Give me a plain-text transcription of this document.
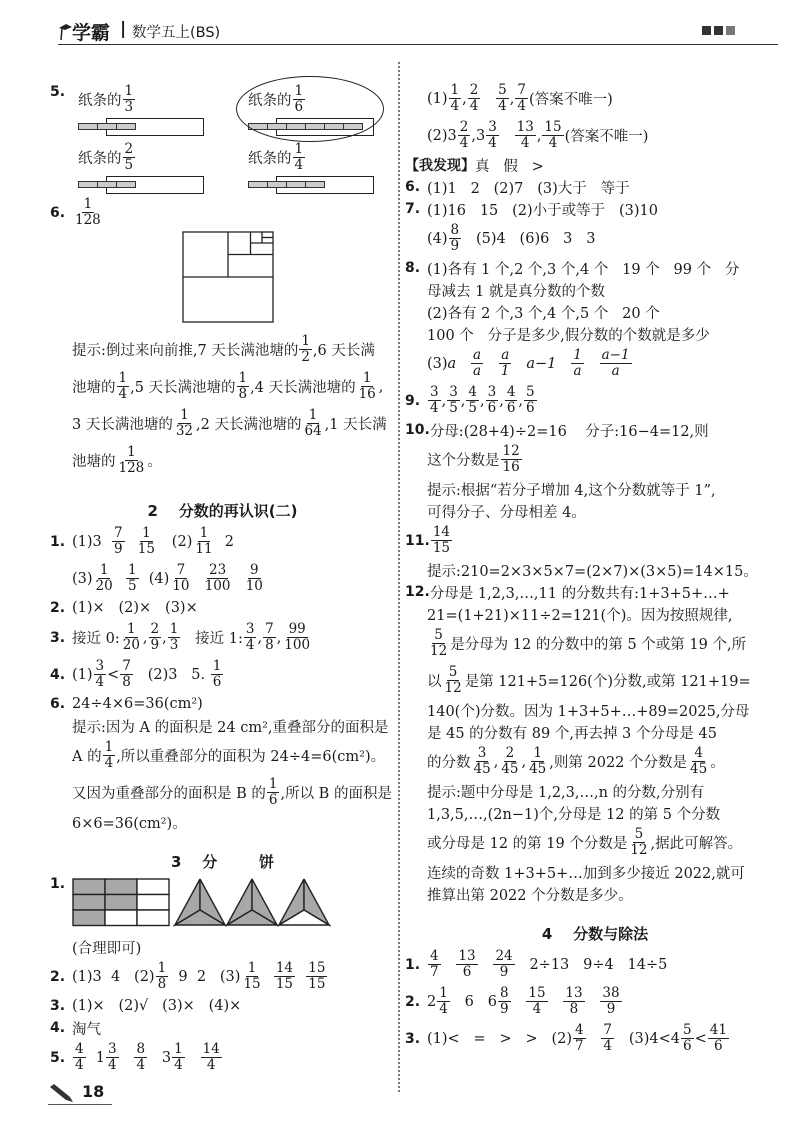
学霸 | 数学五上(BS)
5.
纸条的 $\frac{1}{3}$	纸条的 $\frac{1}{6}$
纸条的 $\frac{2}{5}$	纸条的 $\frac{1}{4}$
6. $\frac{1}{128}$
提示:倒过来向前推,7 天长满池塘的 $\frac{1}{2} ,6$ 天长满
池塘的 $\frac{1}{4} ,5$ 天长满池塘的 $\frac{1}{8} ,4$ 天长满池塘的 $\frac{1}{16}$ ,
3 天长满池塘的 $\frac{1}{32} ,2$ 天长满池塘的 $\frac{1}{64} ,1$ 天长满
池塘的 $\frac{1}{128}$ 。
2    分数的再认识(二)
1. $(1)3 \frac{7}{9}$
$\frac{1}{15} (2) \frac{1}{11} 2$
$(3) \frac{1}{20}$
$\frac{1}{5} (4) \frac{7}{10}$
$\frac{23}{100}$
$\frac{9}{10}$
2. (1)×   (2)×   (3)×
3. 接近 0: $\frac{1}{20}$ , $\frac{2}{9}$ , $\frac{1}{3}$ 接近 1: $\frac{3}{4}$ , $\frac{7}{8}$ , $\frac{99}{100}$
4. $(1) \frac{3}{4} < \frac{7}{8} (2)3$   5. $\frac{1}{6}$
6. 24÷4×6=36(cm²)
提示:因为 A 的面积是 24 cm²,重叠部分的面积是
A 的 $\frac{1}{4}$ ,所以重叠部分的面积为 24÷4=6(cm²)。
又因为重叠部分的面积是 B 的 $\frac{1}{6}$ ,所以 B 的面积是
6×6=36(cm²)。
3    分        饼
1.
(合理即可)
2. (1)3  4   $(2) \frac{1}{8} 9$  2   $(3) \frac{1}{15}$
$\frac{14}{15}$
$\frac{15}{15}$
3. (1)×   (2)√   (3)×   (4)×
4. 淘气
5. $\frac{4}{4} 1 \frac{3}{4}$
$\frac{8}{4} 3 \frac{1}{4}$
$\frac{14}{4}$
$(1) \frac{1}{4}$ , $\frac{2}{4}$
$\frac{5}{4}$ , $\frac{7}{4}$ (答案不唯一)
$(2)3 \frac{2}{4} ,3 \frac{3}{4}$
$\frac{13}{4}$ , $\frac{15}{4}$ (答案不唯一)
【我发现】 真   假   >
6. (1)1   2   (2)7   (3)大于   等于
7. (1)16   15   (2)小于或等于   (3)10
$(4) \frac{8}{9} (5)4$   (6)6   3   3
8. (1)各有 1 个,2 个,3 个,4 个   19 个   99 个   分
母减去 1 就是真分数的个数
(2)各有 2 个,3 个,4 个,5 个   20 个
100 个   分子是多少,假分数的个数就是多少
(3) a
$\frac{a}{a}$
$\frac{a}{1}$
a−1
$\frac{1}{a}$
$\frac{a-1}{a}$
9. $\frac{3}{4}$ , $\frac{3}{5}$ , $\frac{4}{5}$ , $\frac{3}{6}$ , $\frac{4}{6}$ , $\frac{5}{6}$
10. 分母:(28+4)÷2=16    分子:16−4=12,则
这个分数是 $\frac{12}{16}$
提示:根据“若分子增加 4,这个分数就等于 1”,
可得分子、分母相差 4。
11. $\frac{14}{15}$
提示:210=2×3×5×7=(2×7)×(3×5)=14×15。
12. 分母是 1,2,3,…,11 的分数共有:1+3+5+…+
21=(1+21)×11÷2=121(个)。因为按照规律,
$\frac{5}{12}$ 是分母为 12 的分数中的第 5 个或第 19 个,所
以 $\frac{5}{12}$ 是第 121+5=126(个)分数,或第 121+19=
140(个)分数。因为 1+3+5+…+89=2025,分母
是 45 的分数有 89 个,再去掉 3 个分母是 45
的分数 $\frac{3}{45}$ , $\frac{2}{45}$ , $\frac{1}{45}$ ,则第 2022 个分数是 $\frac{4}{45}$ 。
提示:题中分母是 1,2,3,…,n 的分数,分别有
1,3,5,…,(2n−1)个,分母是 12 的第 5 个分数
或分母是 12 的第 19 个分数是 $\frac{5}{12}$ ,据此可解答。
连续的奇数 1+3+5+…加到多少接近 2022,就可
推算出第 2022 个分数是多少。
4    分数与除法
1. $\frac{4}{7}$
$\frac{13}{6}$
$\frac{24}{9} 2\div 13$   9÷4   14÷5
2. $2 \frac{1}{4} 6$   $6 \frac{8}{9}$
$\frac{15}{4}$
$\frac{13}{8}$
$\frac{38}{9}$
3. (1)<   =   >   >   $(2) \frac{4}{7}$
$\frac{7}{4} (3)4<4 \frac{5}{6} < \frac{41}{6}$
18
